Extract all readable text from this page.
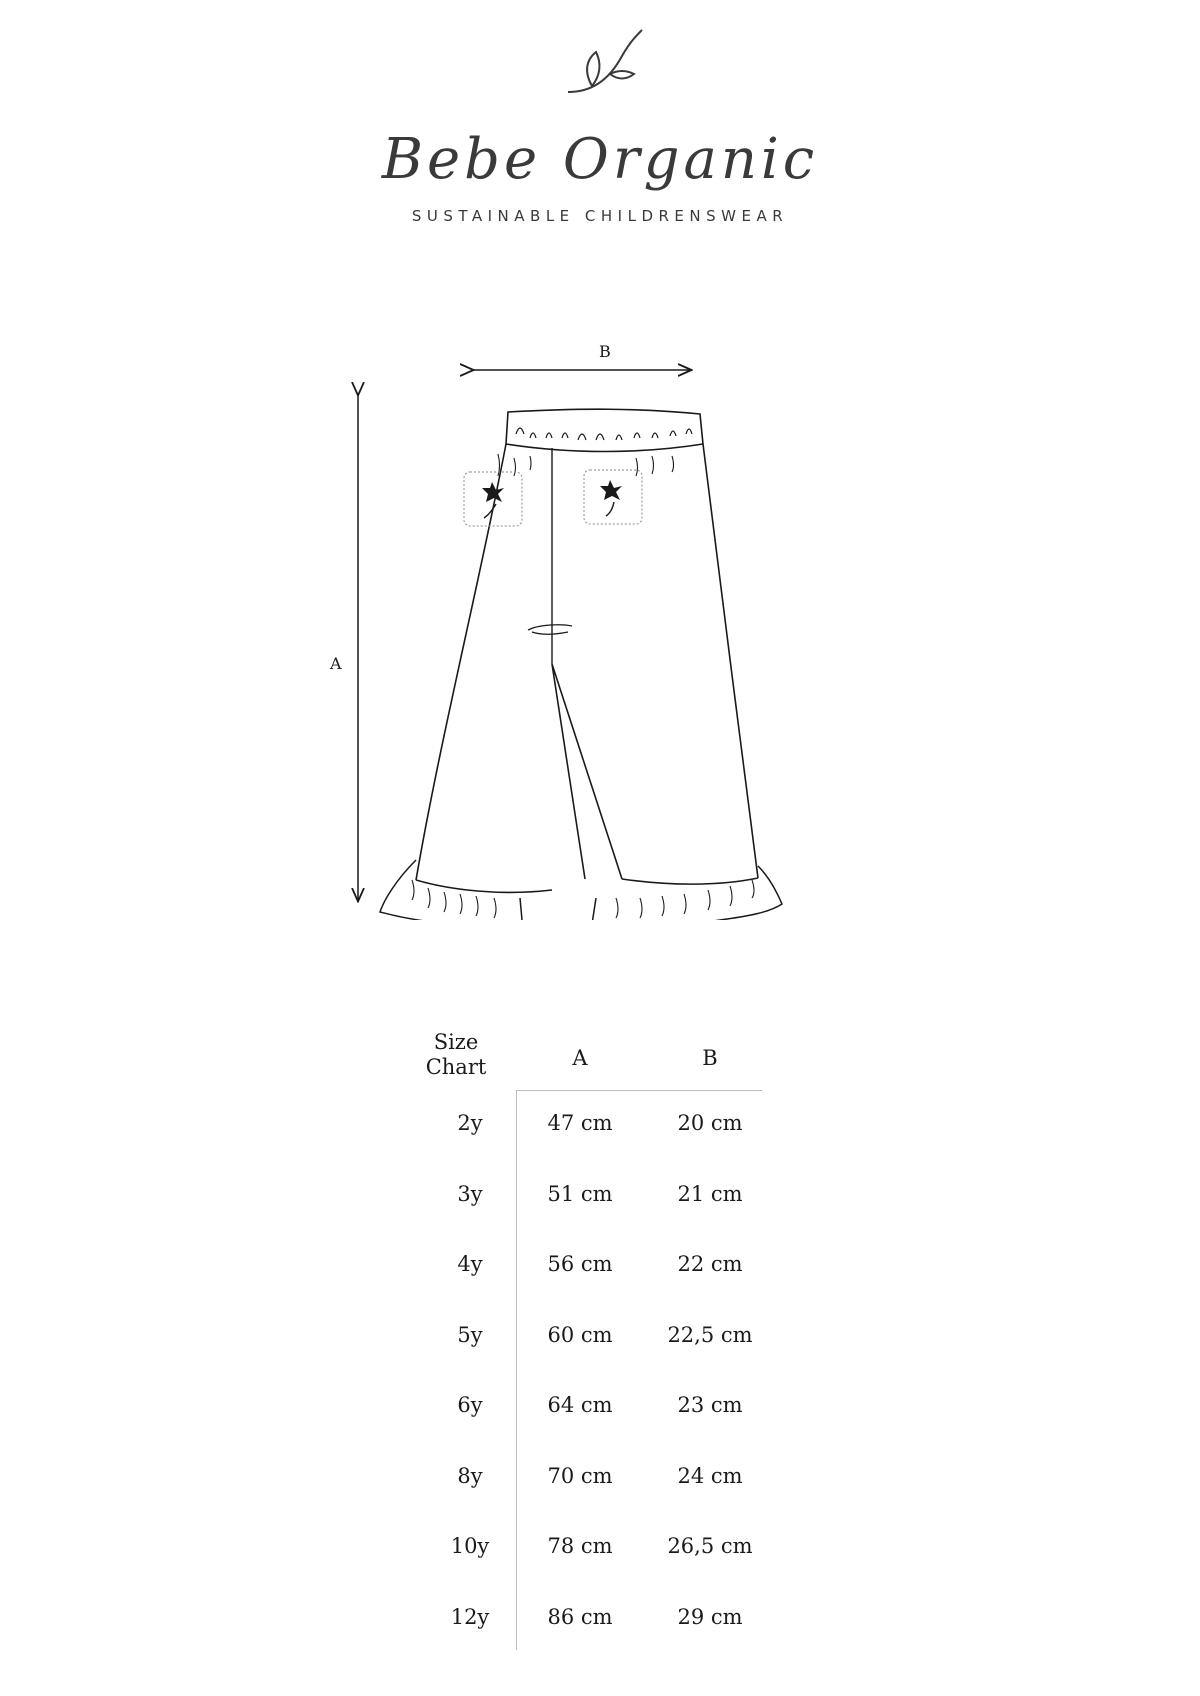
Bebe Organic
SUSTAINABLE CHILDRENSWEAR
B
A
Size Chart	A	B
2y	47 cm	20 cm
3y	51 cm	21 cm
4y	56 cm	22 cm
5y	60 cm	22,5 cm
6y	64 cm	23 cm
8y	70 cm	24 cm
10y	78 cm	26,5 cm
12y	86 cm	29 cm
